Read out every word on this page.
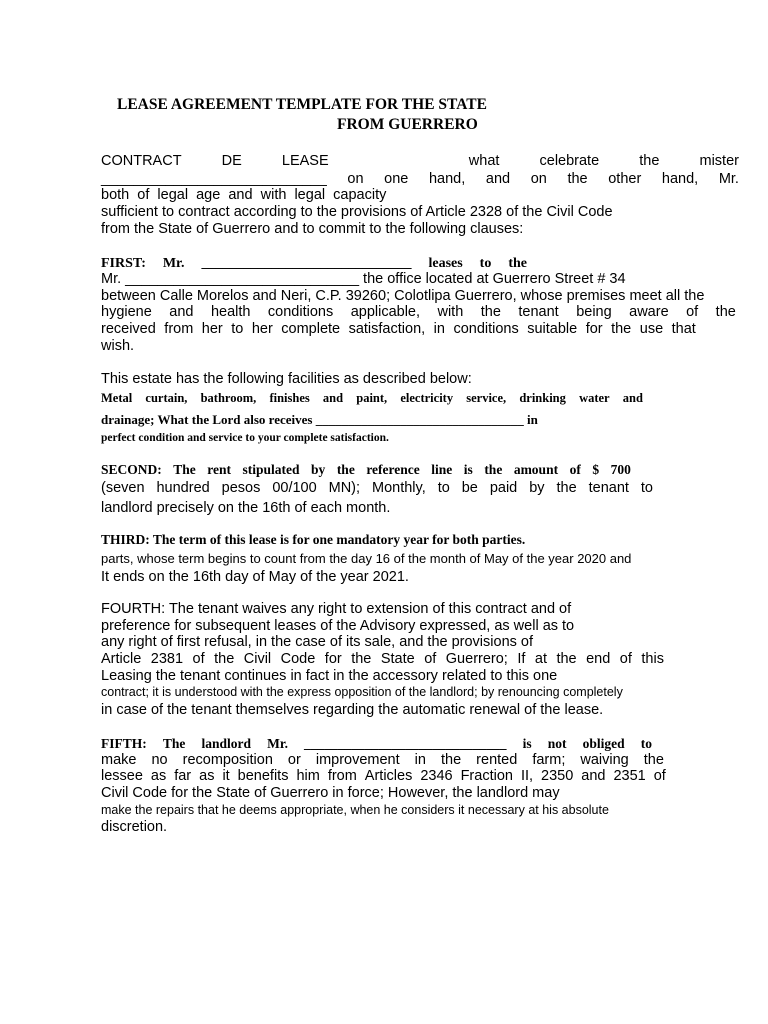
LEASE AGREEMENT TEMPLATE FOR THE STATE
FROM GUERRERO
CONTRACT	DE	LEASE	what	celebrate	the	mister
____________________________ on one hand, and on the other hand, Mr.
both  of  legal  age  and  with  legal  capacity
sufficient to contract according to the provisions of Article 2328 of the Civil Code
from the State of Guerrero and to commit to the following clauses:
FIRST: Mr. ______________________________ leases to the
Mr. _____________________________ the office located at Guerrero Street # 34
between Calle Morelos and Neri, C.P. 39260; Colotlipa Guerrero, whose premises meet all the
hygiene and health conditions applicable, with the tenant being aware of the
received from her to her complete satisfaction, in conditions suitable for the use that
wish.
This estate has the following facilities as described below:
Metal curtain, bathroom, finishes and paint, electricity service, drinking water and
drainage; What the Lord also receives ________________________________ in
perfect condition and service to your complete satisfaction.
SECOND: The rent stipulated by the reference line is the amount of $ 700
(seven hundred pesos 00/100 MN); Monthly, to be paid by the tenant to
landlord precisely on the 16th of each month.
THIRD: The term of this lease is for one mandatory year for both parties.
parts, whose term begins to count from the day 16 of the month of May of the year 2020 and
It ends on the 16th day of May of the year 2021.
FOURTH: The tenant waives any right to extension of this contract and of
preference for subsequent leases of the Advisory expressed, as well as to
any right of first refusal, in the case of its sale, and the provisions of
Article 2381 of the Civil Code for the State of Guerrero; If at the end of this
Leasing the tenant continues in fact in the accessory related to this one
contract; it is understood with the express opposition of the landlord; by renouncing completely
in case of the tenant themselves regarding the automatic renewal of the lease.
FIFTH: The landlord Mr. ______________________________ is not obliged to
make no recomposition or improvement in the rented farm; waiving the
lessee as far as it benefits him from Articles 2346 Fraction II, 2350 and 2351 of
Civil Code for the State of Guerrero in force; However, the landlord may
make the repairs that he deems appropriate, when he considers it necessary at his absolute
discretion.
